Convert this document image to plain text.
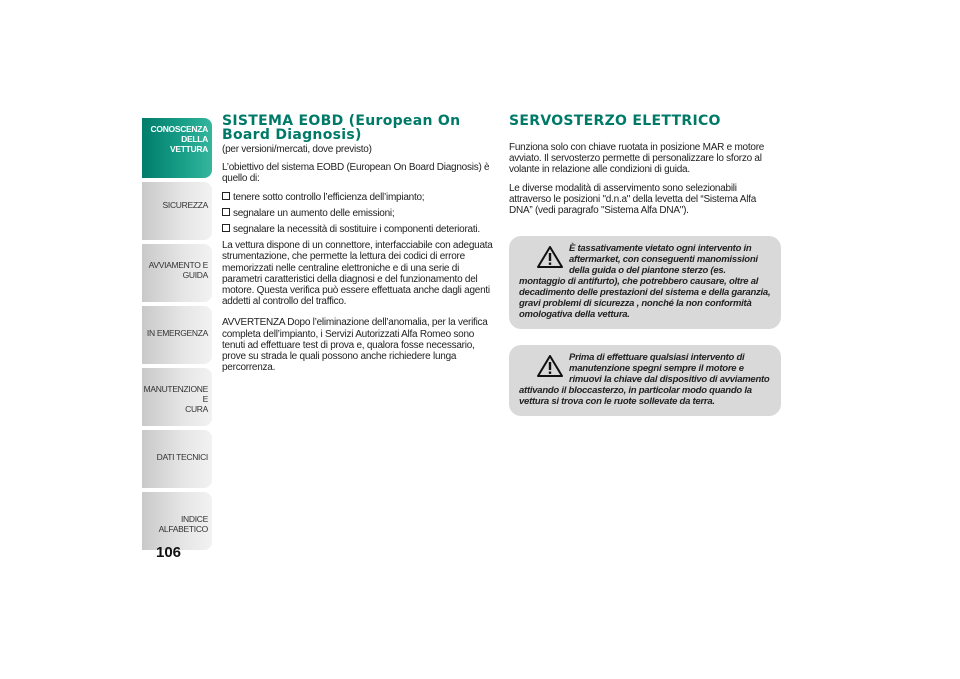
CONOSCENZA
DELLA VETTURA
SICUREZZA
AVVIAMENTO E
GUIDA
IN EMERGENZA
MANUTENZIONE E
CURA
DATI TECNICI
INDICE ALFABETICO
106
SISTEMA EOBD (European On Board Diagnosis)

(per versioni/mercati, dove previsto)

L’obiettivo del sistema EOBD (European On Board Diagnosis) è quello di:

tenere sotto controllo l’efficienza dell’impianto;

segnalare un aumento delle emissioni;

segnalare la necessità di sostituire i componenti deteriorati.

La vettura dispone di un connettore, interfacciabile con adeguata strumentazione, che permette la lettura dei codici di errore memorizzati nelle centraline elettroniche e di una serie di parametri caratteristici della diagnosi e del funzionamento del motore. Questa verifica può essere effettuata anche dagli agenti addetti al controllo del traffico.

AVVERTENZA Dopo l’eliminazione dell’anomalia, per la verifica completa dell’impianto, i Servizi Autorizzati Alfa Romeo sono tenuti ad effettuare test di prova e, qualora fosse necessario, prove su strada le quali possono anche richiedere lunga percorrenza.

SERVOSTERZO ELETTRICO

Funziona solo con chiave ruotata in posizione MAR e motore avviato. Il servosterzo permette di personalizzare lo sforzo al volante in relazione alle condizioni di guida.

Le diverse modalità di asservimento sono selezionabili attraverso le posizioni "d.n.a" della levetta del “Sistema Alfa DNA” (vedi paragrafo "Sistema Alfa DNA").

È tassativamente vietato ogni intervento in aftermarket, con conseguenti manomissioni della guida o del piantone sterzo (es. montaggio di antifurto), che potrebbero causare, oltre al decadimento delle prestazioni del sistema e della garanzia, gravi problemi di sicurezza , nonché la non conformità omologativa della vettura.

Prima di effettuare qualsiasi intervento di manutenzione spegni sempre il motore e rimuovi la chiave dal dispositivo di avviamento attivando il bloccasterzo, in particolar modo quando la vettura si trova con le ruote sollevate da terra.
